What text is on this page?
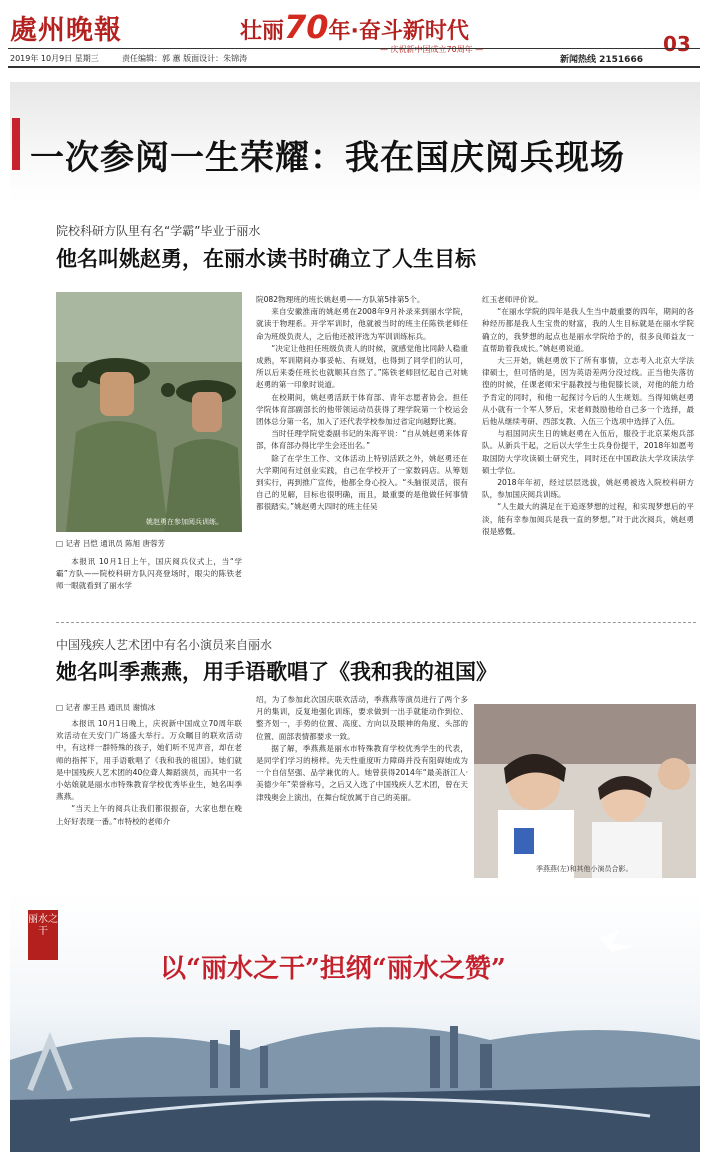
處州晚報	壮丽70年·奋斗新时代
— 庆祝新中国成立70周年 —	03
2019年 10月9日 星期三	责任编辑：郭 蕙 版面设计：朱锦涛	新闻热线 2151666
一次参阅一生荣耀：我在国庆阅兵现场
院校科研方队里有名“学霸”毕业于丽水
他名叫姚赵勇，在丽水读书时确立了人生目标
姚赵勇在参加阅兵训练。
□ 记者 吕恺 通讯员 陈旭 唐蓉芳

本报讯 10月1日上午，国庆阅兵仪式上，当“学霸”方队——院校科研方队闪亮登场时，眼尖的陈铁老师一眼就看到了丽水学

院082物理班的班长姚赵勇——方队第5排第5个。

来自安徽淮南的姚赵勇在2008年9月补录来到丽水学院，就读于物理系。开学军训时，他就被当时的班主任陈铁老师任命为班级负责人，之后他还被评选为军训训练标兵。

“决定让他担任班级负责人的时候，就感觉他比同龄人稳重成熟，军训期间办事妥帖、有规划，也得到了同学们的认可，所以后来委任班长也就顺其自然了。”陈铁老师回忆起自己对姚赵勇的第一印象时说道。

在校期间，姚赵勇活跃于体育部、青年志愿者协会。担任学院体育部副部长的他带领运动员获得了理学院第一个校运会团体总分第一名，加入了还代表学校参加过省定向越野比赛。

当时任理学院党委副书记的朱海平说：“自从姚赵勇来体育部，体育部办得比学生会还出名。”

除了在学生工作、文体活动上特别活跃之外，姚赵勇还在大学期间有过创业实践，自己在学校开了一家数码店。从筹划到实行，再到推广宣传，他都全身心投入。“头脑很灵活，很有自己的见解，目标也很明确，而且，最重要的是他做任何事情都很踏实。”姚赵勇大四时的班主任吴

红玉老师评价说。

“在丽水学院的四年是我人生当中最重要的四年，期间的各种经历都是我人生宝贵的财富，我的人生目标就是在丽水学院确立的，我梦想的起点也是丽水学院给予的，很多良师益友一直帮助着我成长。”姚赵勇说道。

大三开始，姚赵勇放下了所有事情，立志考入北京大学法律硕士，但可惜的是，因为英语差两分没过线。正当他失落彷徨的时候，任课老师宋宇磊教授与他促膝长谈，对他的能力给予肯定的同时，和他一起探讨今后的人生规划。当得知姚赵勇从小就有一个军人梦后，宋老师鼓励他给自己多一个选择，最后他从继续考研、西部支教、入伍三个选项中选择了入伍。

与祖国同庆生日的姚赵勇在入伍后，服役于北京某炮兵部队。从新兵干起，之后以大学生士兵身份提干，2018年如愿考取国防大学攻读硕士研究生，同时还在中国政法大学攻读法学硕士学位。

2018年年初，经过层层选拔，姚赵勇被选入院校科研方队，参加国庆阅兵训练。

“人生最大的满足在于追逐梦想的过程，和实现梦想后的平淡，能有幸参加阅兵是我一直的梦想。”对于此次阅兵，姚赵勇很是感慨。

中国残疾人艺术团中有名小演员来自丽水
她名叫季燕燕，用手语歌唱了《我和我的祖国》
□ 记者 廖王昌 通讯员 谢慎冰

本报讯 10月1日晚上，庆祝新中国成立70周年联欢活动在天安门广场盛大举行。万众瞩目的联欢活动中，有这样一群特殊的孩子，她们听不见声音，却在老师的指挥下，用手语歌唱了《我和我的祖国》。她们就是中国残疾人艺术团的40位聋人舞蹈演员，而其中一名小姑娘就是丽水市特殊教育学校优秀毕业生，她名叫季燕燕。

“当天上午的阅兵让我们都很振奋，大家也想在晚上好好表现一番。”市特校的老师介

绍，为了参加此次国庆联欢活动，季燕燕等演员进行了两个多月的集训，反复地强化训练，要求做到一出手就能动作到位、整齐划一，手势的位置、高度、方向以及眼神的角度、头部的位置、面部表情都要求一致。

据了解，季燕燕是丽水市特殊教育学校优秀学生的代表，是同学们学习的榜样。先天性重度听力障碍并没有阻碍她成为一个自信坚强、品学兼优的人。她曾获得2014年“最美浙江人·美德少年”荣誉称号，之后又入选了中国残疾人艺术团，曾在天津残奥会上演出，在舞台绽放属于自己的美丽。

季燕燕(左)和其他小演员合影。
丽水之干
以“丽水之干”担纲“丽水之赞”
